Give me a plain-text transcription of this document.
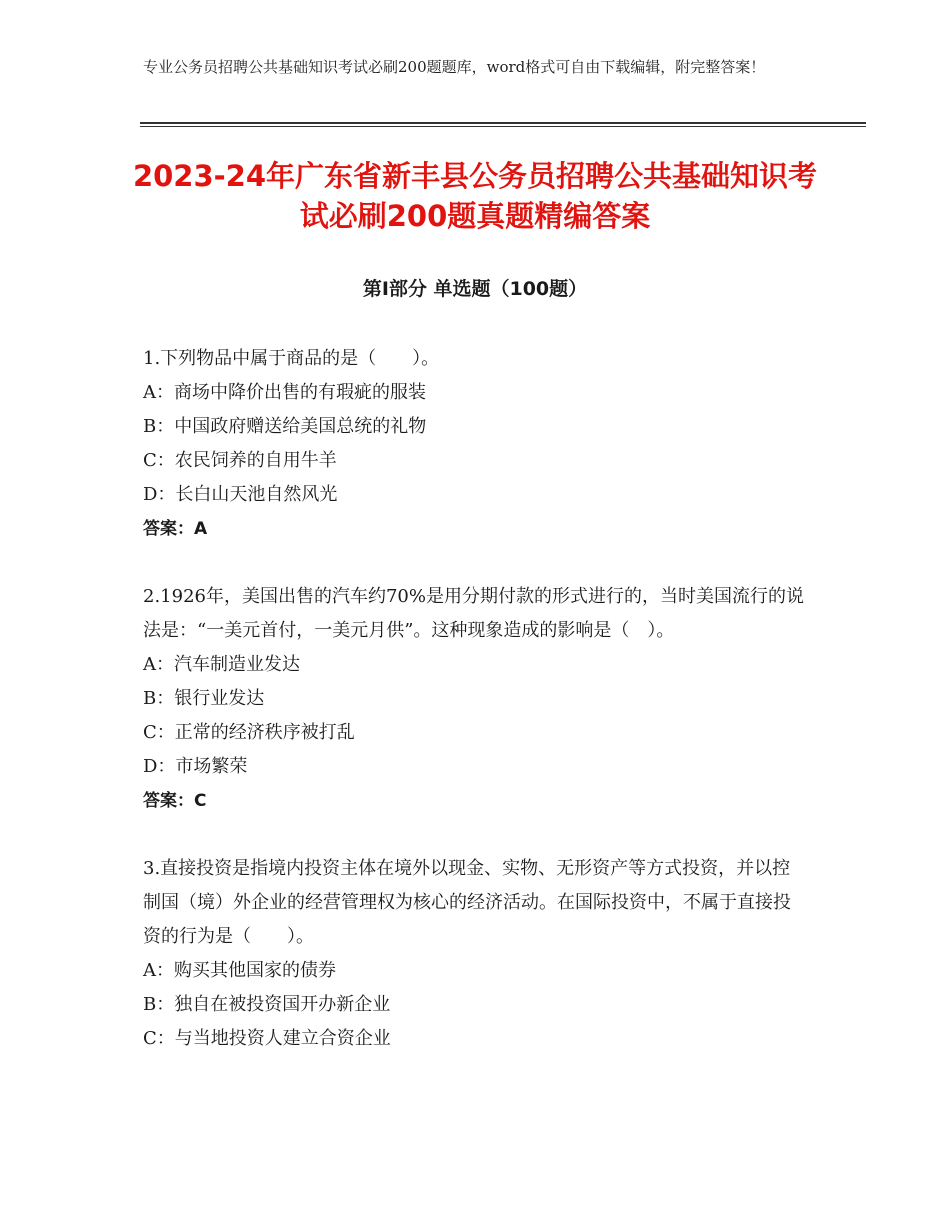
专业公务员招聘公共基础知识考试必刷200题题库，word格式可自由下载编辑，附完整答案！
2023-24年广东省新丰县公务员招聘公共基础知识考试必刷200题真题精编答案
第Ⅰ部分 单选题（100题）
1.下列物品中属于商品的是（　　）。
A：商场中降价出售的有瑕疵的服装
B：中国政府赠送给美国总统的礼物
C：农民饲养的自用牛羊
D：长白山天池自然风光
答案：A
2.1926年，美国出售的汽车约70%是用分期付款的形式进行的，当时美国流行的说法是：“一美元首付，一美元月供”。这种现象造成的影响是（　）。
A：汽车制造业发达
B：银行业发达
C：正常的经济秩序被打乱
D：市场繁荣
答案：C
3.直接投资是指境内投资主体在境外以现金、实物、无形资产等方式投资，并以控制国（境）外企业的经营管理权为核心的经济活动。在国际投资中，不属于直接投资的行为是（　　）。
A：购买其他国家的债券
B：独自在被投资国开办新企业
C：与当地投资人建立合资企业
